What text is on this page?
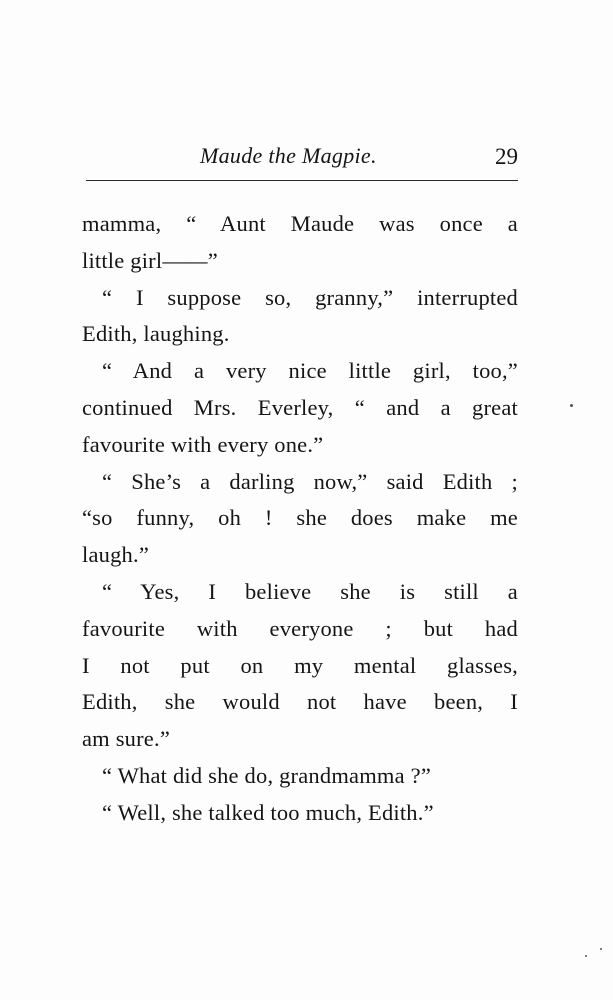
Maude the Magpie.	29
mamma, “ Aunt Maude was once a
little girl——”
“ I suppose so, granny,” interrupted
Edith, laughing.
“ And a very nice little girl, too,”
continued Mrs. Everley, “ and a great
favourite with every one.”
“ She’s a darling now,” said Edith ;
“so funny, oh ! she does make me
laugh.”
“ Yes, I believe she is still a
favourite with everyone ; but had
I not put on my mental glasses,
Edith, she would not have been, I
am sure.”
“ What did she do, grandmamma ?”
“ Well, she talked too much, Edith.”
